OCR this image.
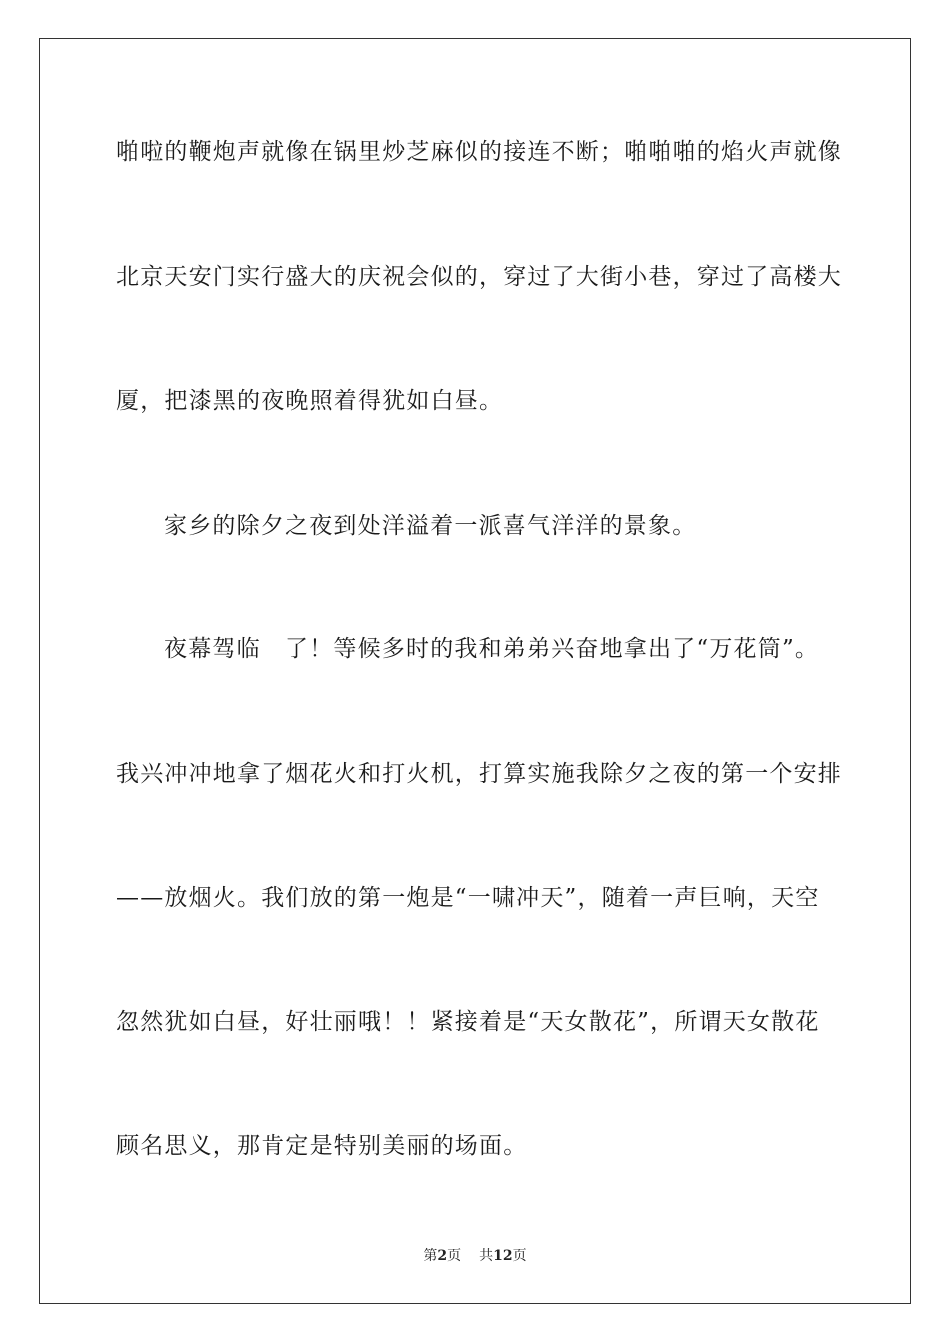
啪啦的鞭炮声就像在锅里炒芝麻似的接连不断；啪啪啪的焰火声就像
北京天安门实行盛大的庆祝会似的，穿过了大街小巷，穿过了高楼大
厦，把漆黑的夜晚照着得犹如白昼。
家乡的除夕之夜到处洋溢着一派喜气洋洋的景象。
夜幕驾临　了！等候多时的我和弟弟兴奋地拿出了“万花筒”。
我兴冲冲地拿了烟花火和打火机，打算实施我除夕之夜的第一个安排
——放烟火。我们放的第一炮是“一啸冲天”，随着一声巨响，天空
忽然犹如白昼，好壮丽哦！！紧接着是“天女散花”，所谓天女散花
顾名思义，那肯定是特别美丽的场面。
第2页 共12页
